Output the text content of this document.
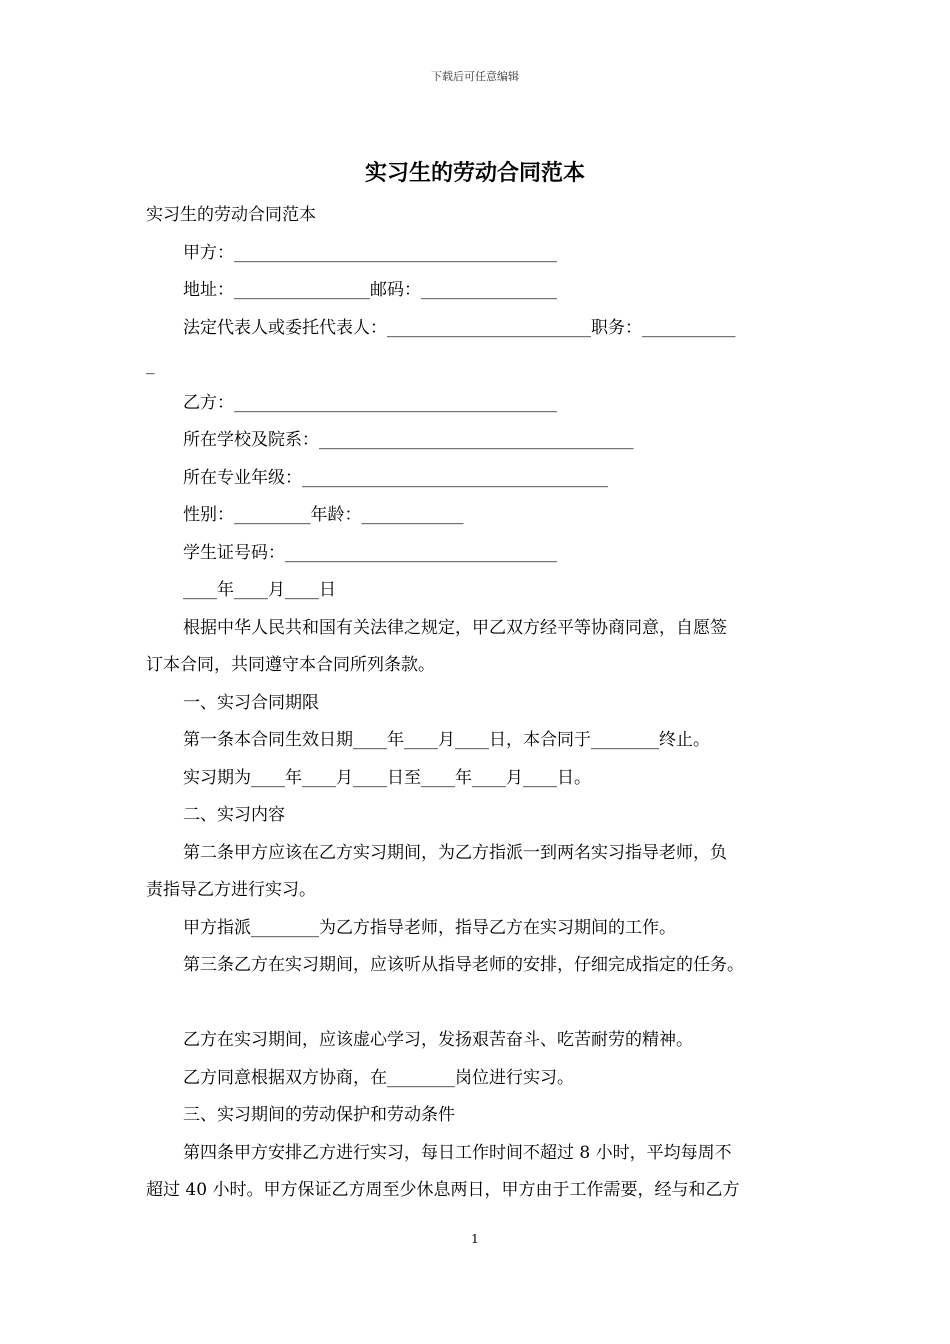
下载后可任意编辑
实习生的劳动合同范本
实习生的劳动合同范本
甲方：______________________________________
地址：________________邮码：________________
法定代表人或委托代表人：________________________职务：___________
_
乙方：______________________________________
所在学校及院系：_____________________________________
所在专业年级：____________________________________
性别：_________年龄：____________
学生证号码：________________________________
____年____月____日
根据中华人民共和国有关法律之规定，甲乙双方经平等协商同意，自愿签
订本合同，共同遵守本合同所列条款。
一、实习合同期限
第一条本合同生效日期____年____月____日，本合同于________终止。
实习期为____年____月____日至____年____月____日。
二、实习内容
第二条甲方应该在乙方实习期间，为乙方指派一到两名实习指导老师，负
责指导乙方进行实习。
甲方指派________为乙方指导老师，指导乙方在实习期间的工作。
第三条乙方在实习期间，应该听从指导老师的安排，仔细完成指定的任务。
乙方在实习期间，应该虚心学习，发扬艰苦奋斗、吃苦耐劳的精神。
乙方同意根据双方协商，在________岗位进行实习。
三、实习期间的劳动保护和劳动条件
第四条甲方安排乙方进行实习，每日工作时间不超过 8 小时，平均每周不
超过 40 小时。甲方保证乙方周至少休息两日，甲方由于工作需要，经与和乙方
1
